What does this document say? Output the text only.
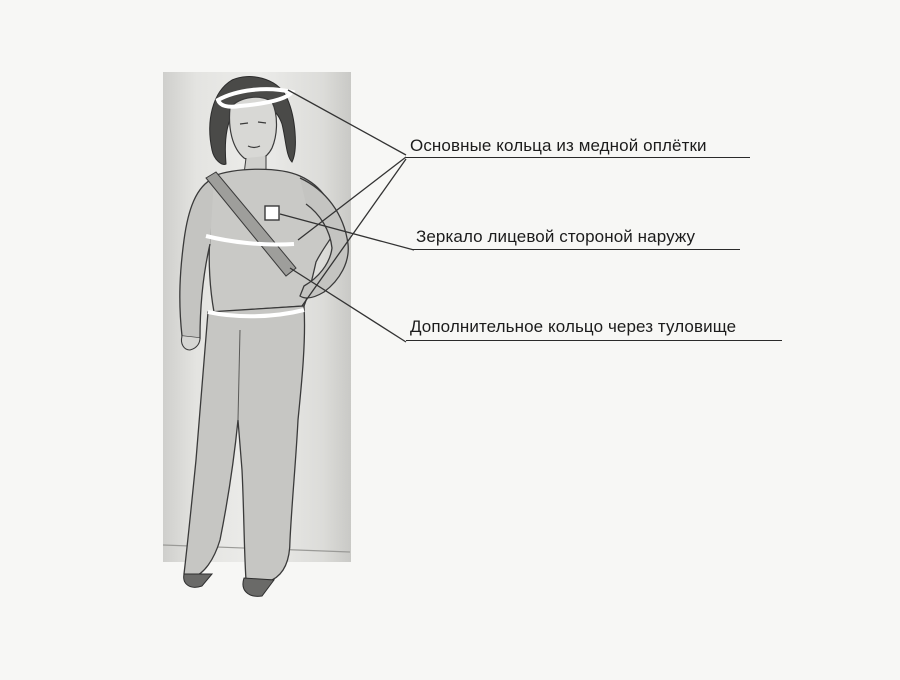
Основные кольца из медной оплётки
Зеркало лицевой стороной наружу
Дополнительное кольцо через туловище
